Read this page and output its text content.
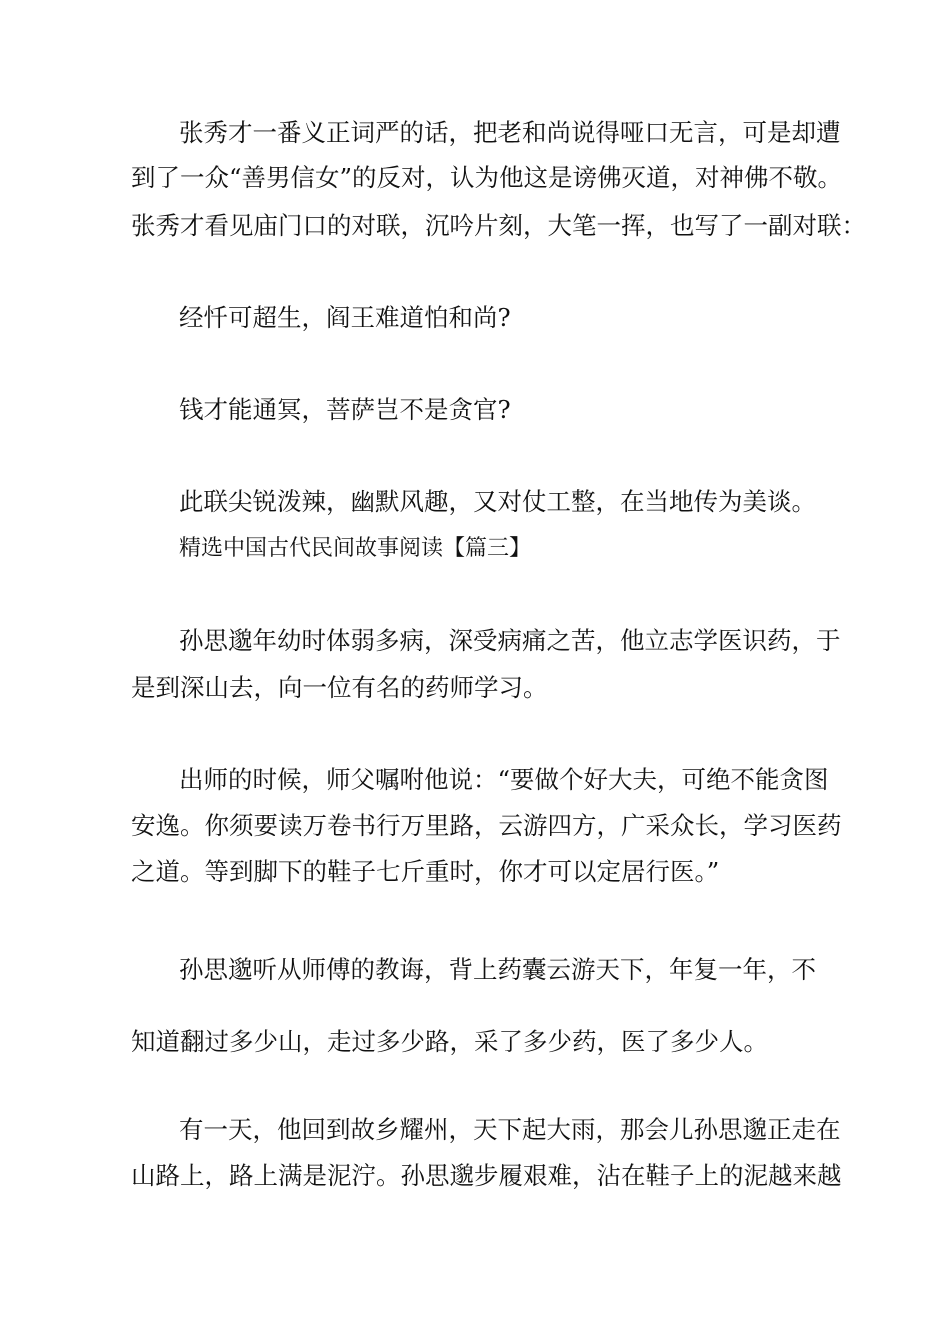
张秀才一番义正词严的话，把老和尚说得哑口无言，可是却遭
到了一众“善男信女”的反对，认为他这是谤佛灭道，对神佛不敬。
张秀才看见庙门口的对联，沉吟片刻，大笔一挥，也写了一副对联：
经忏可超生，阎王难道怕和尚?
钱才能通冥，菩萨岂不是贪官?
此联尖锐泼辣，幽默风趣，又对仗工整，在当地传为美谈。
精选中国古代民间故事阅读【篇三】
孙思邈年幼时体弱多病，深受病痛之苦，他立志学医识药，于
是到深山去，向一位有名的药师学习。
出师的时候，师父嘱咐他说：“要做个好大夫，可绝不能贪图
安逸。你须要读万卷书行万里路，云游四方，广采众长，学习医药
之道。等到脚下的鞋子七斤重时，你才可以定居行医。”
孙思邈听从师傅的教诲，背上药囊云游天下，年复一年，不
知道翻过多少山，走过多少路，采了多少药，医了多少人。
有一天，他回到故乡耀州，天下起大雨，那会儿孙思邈正走在
山路上，路上满是泥泞。孙思邈步履艰难，沾在鞋子上的泥越来越
